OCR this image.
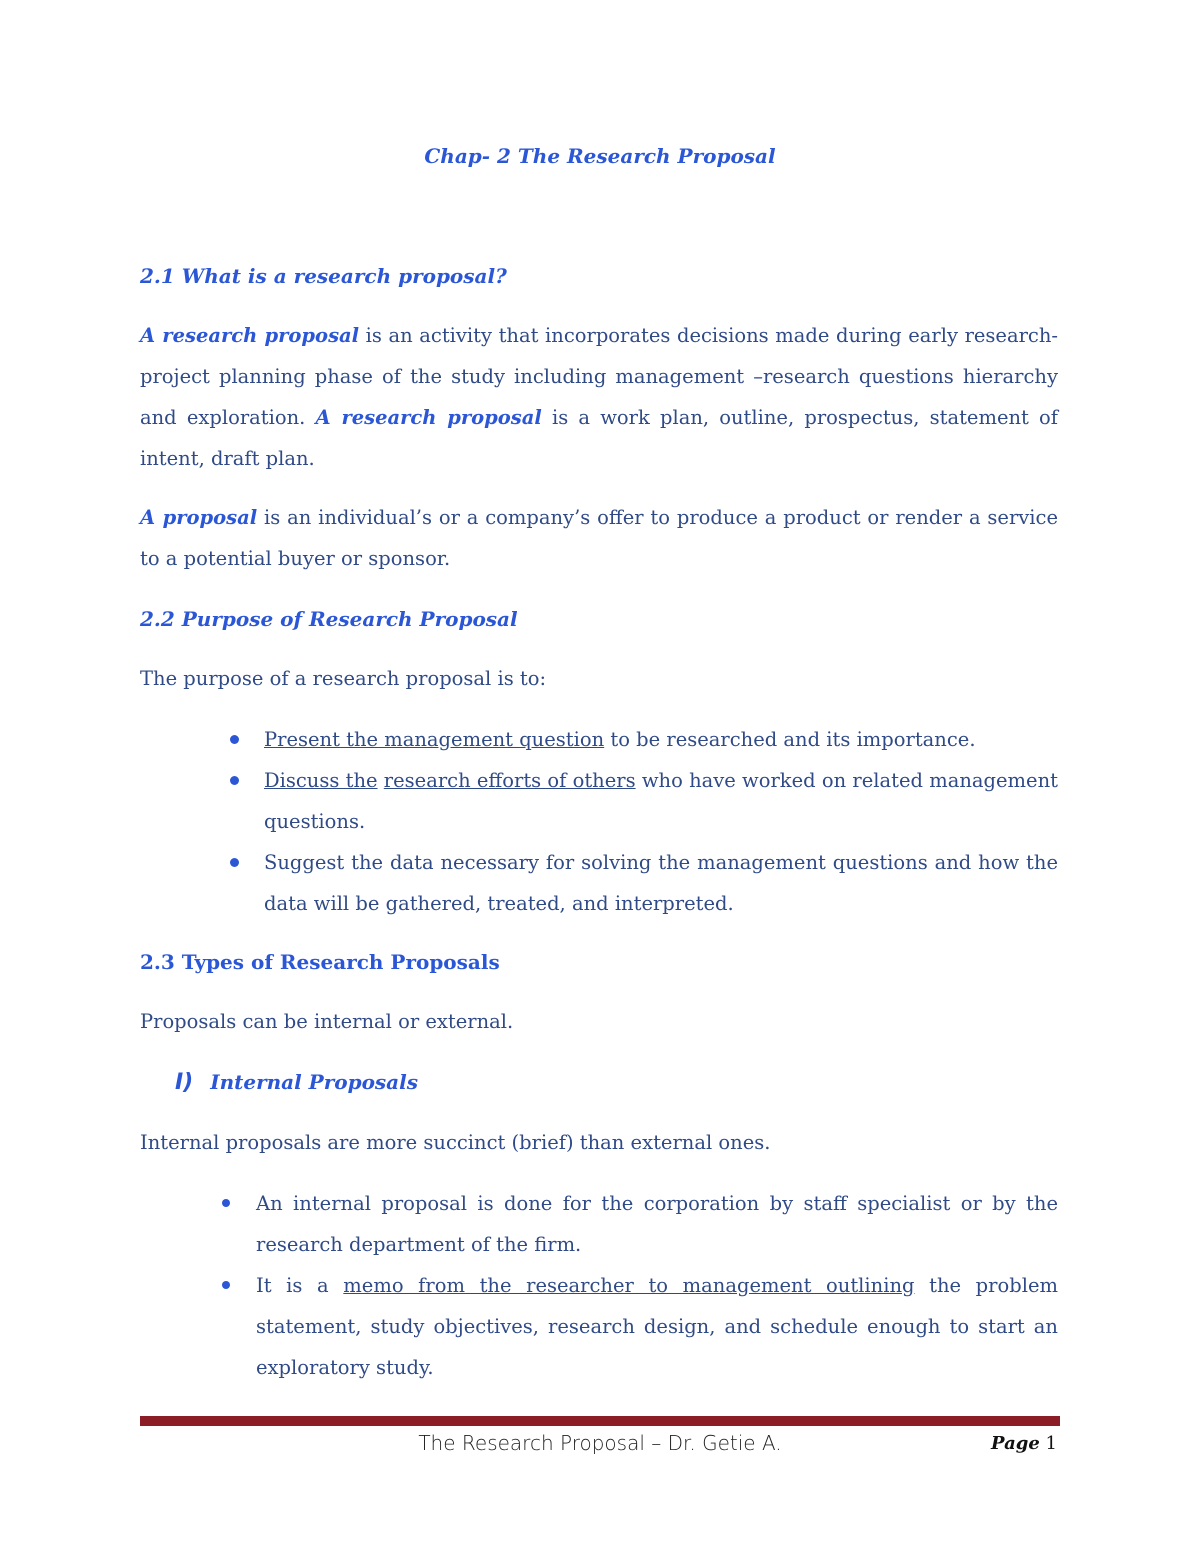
Chap- 2 The Research Proposal
2.1 What is a research proposal?
A research proposal is an activity that incorporates decisions made during early research-project planning phase of the study including management –research questions hierarchy and exploration. A research proposal is a work plan, outline, prospectus, statement of intent, draft plan.
A proposal is an individual’s or a company’s offer to produce a product or render a service to a potential buyer or sponsor.
2.2 Purpose of Research Proposal
The purpose of a research proposal is to:
Present the management question to be researched and its importance.
Discuss the research efforts of others who have worked on related management questions.
Suggest the data necessary for solving the management questions and how the data will be gathered, treated, and interpreted.
2.3 Types of Research Proposals
Proposals can be internal or external.
I) Internal Proposals
Internal proposals are more succinct (brief) than external ones.
An internal proposal is done for the corporation by staff specialist or by the research department of the firm.
It is a memo from the researcher to management outlining the problem statement, study objectives, research design, and schedule enough to start an exploratory study.
The Research Proposal – Dr. Getie A.	Page 1
